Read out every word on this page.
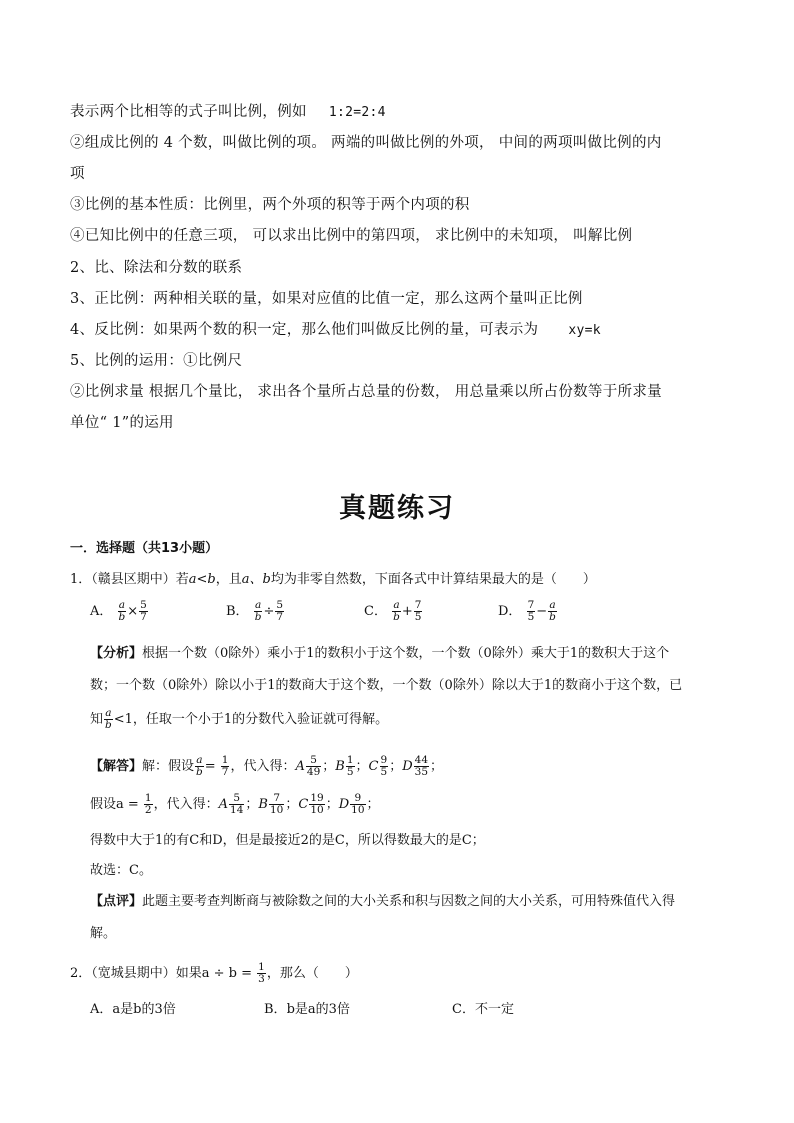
表示两个比相等的式子叫比例，例如 1:2=2:4
②组成比例的 4 个数，叫做比例的项。 两端的叫做比例的外项， 中间的两项叫做比例的内
项
③比例的基本性质：比例里，两个外项的积等于两个内项的积
④已知比例中的任意三项， 可以求出比例中的第四项， 求比例中的未知项， 叫解比例
2、比、除法和分数的联系
3、正比例：两种相关联的量，如果对应值的比值一定，那么这两个量叫正比例
4、反比例：如果两个数的积一定，那么他们叫做反比例的量，可表示为 xy=k
5、比例的运用：①比例尺
②比例求量 根据几个量比， 求出各个量所占总量的份数， 用总量乘以所占份数等于所求量
单位“ 1”的运用
真题练习
一．选择题（共13小题）
1．（赣县区期中）若a<b，且a、b均为非零自然数，下面各式中计算结果最大的是（　　）
A． $\frac{a}{b} \times \frac{5}{7}$	B． $\frac{a}{b} \div \frac{5}{7}$	C． $\frac{a}{b} + \frac{7}{5}$	D． $\frac{7}{5} - \frac{a}{b}$
【分析】根据一个数（0除外）乘小于1的数积小于这个数，一个数（0除外）乘大于1的数积大于这个
数；一个数（0除外）除以小于1的数商大于这个数，一个数（0除外）除以大于1的数商小于这个数，已
知 $\frac{a}{b} <1$，任取一个小于1的分数代入验证就可得解。
【解答】解：假设 $\frac{a}{b} = \frac{1}{7}$ ，代入得：A $\frac{5}{49}$ ；B $\frac{1}{5}$ ；C $\frac{9}{5}$ ；D $\frac{44}{35}$ ；
假设$a = \frac{1}{2}$ ，代入得：A $\frac{5}{14}$ ；B $\frac{7}{10}$ ；C $\frac{19}{10}$ ；D $\frac{9}{10}$ ；
得数中大于1的有C和D，但是最接近2的是C，所以得数最大的是C；
故选：C。
【点评】此题主要考查判断商与被除数之间的大小关系和积与因数之间的大小关系，可用特殊值代入得
解。
2．（宽城县期中）如果$a \div b = \frac{1}{3}$ ，那么（　　）
A．a是b的3倍	B．b是a的3倍	C．不一定
